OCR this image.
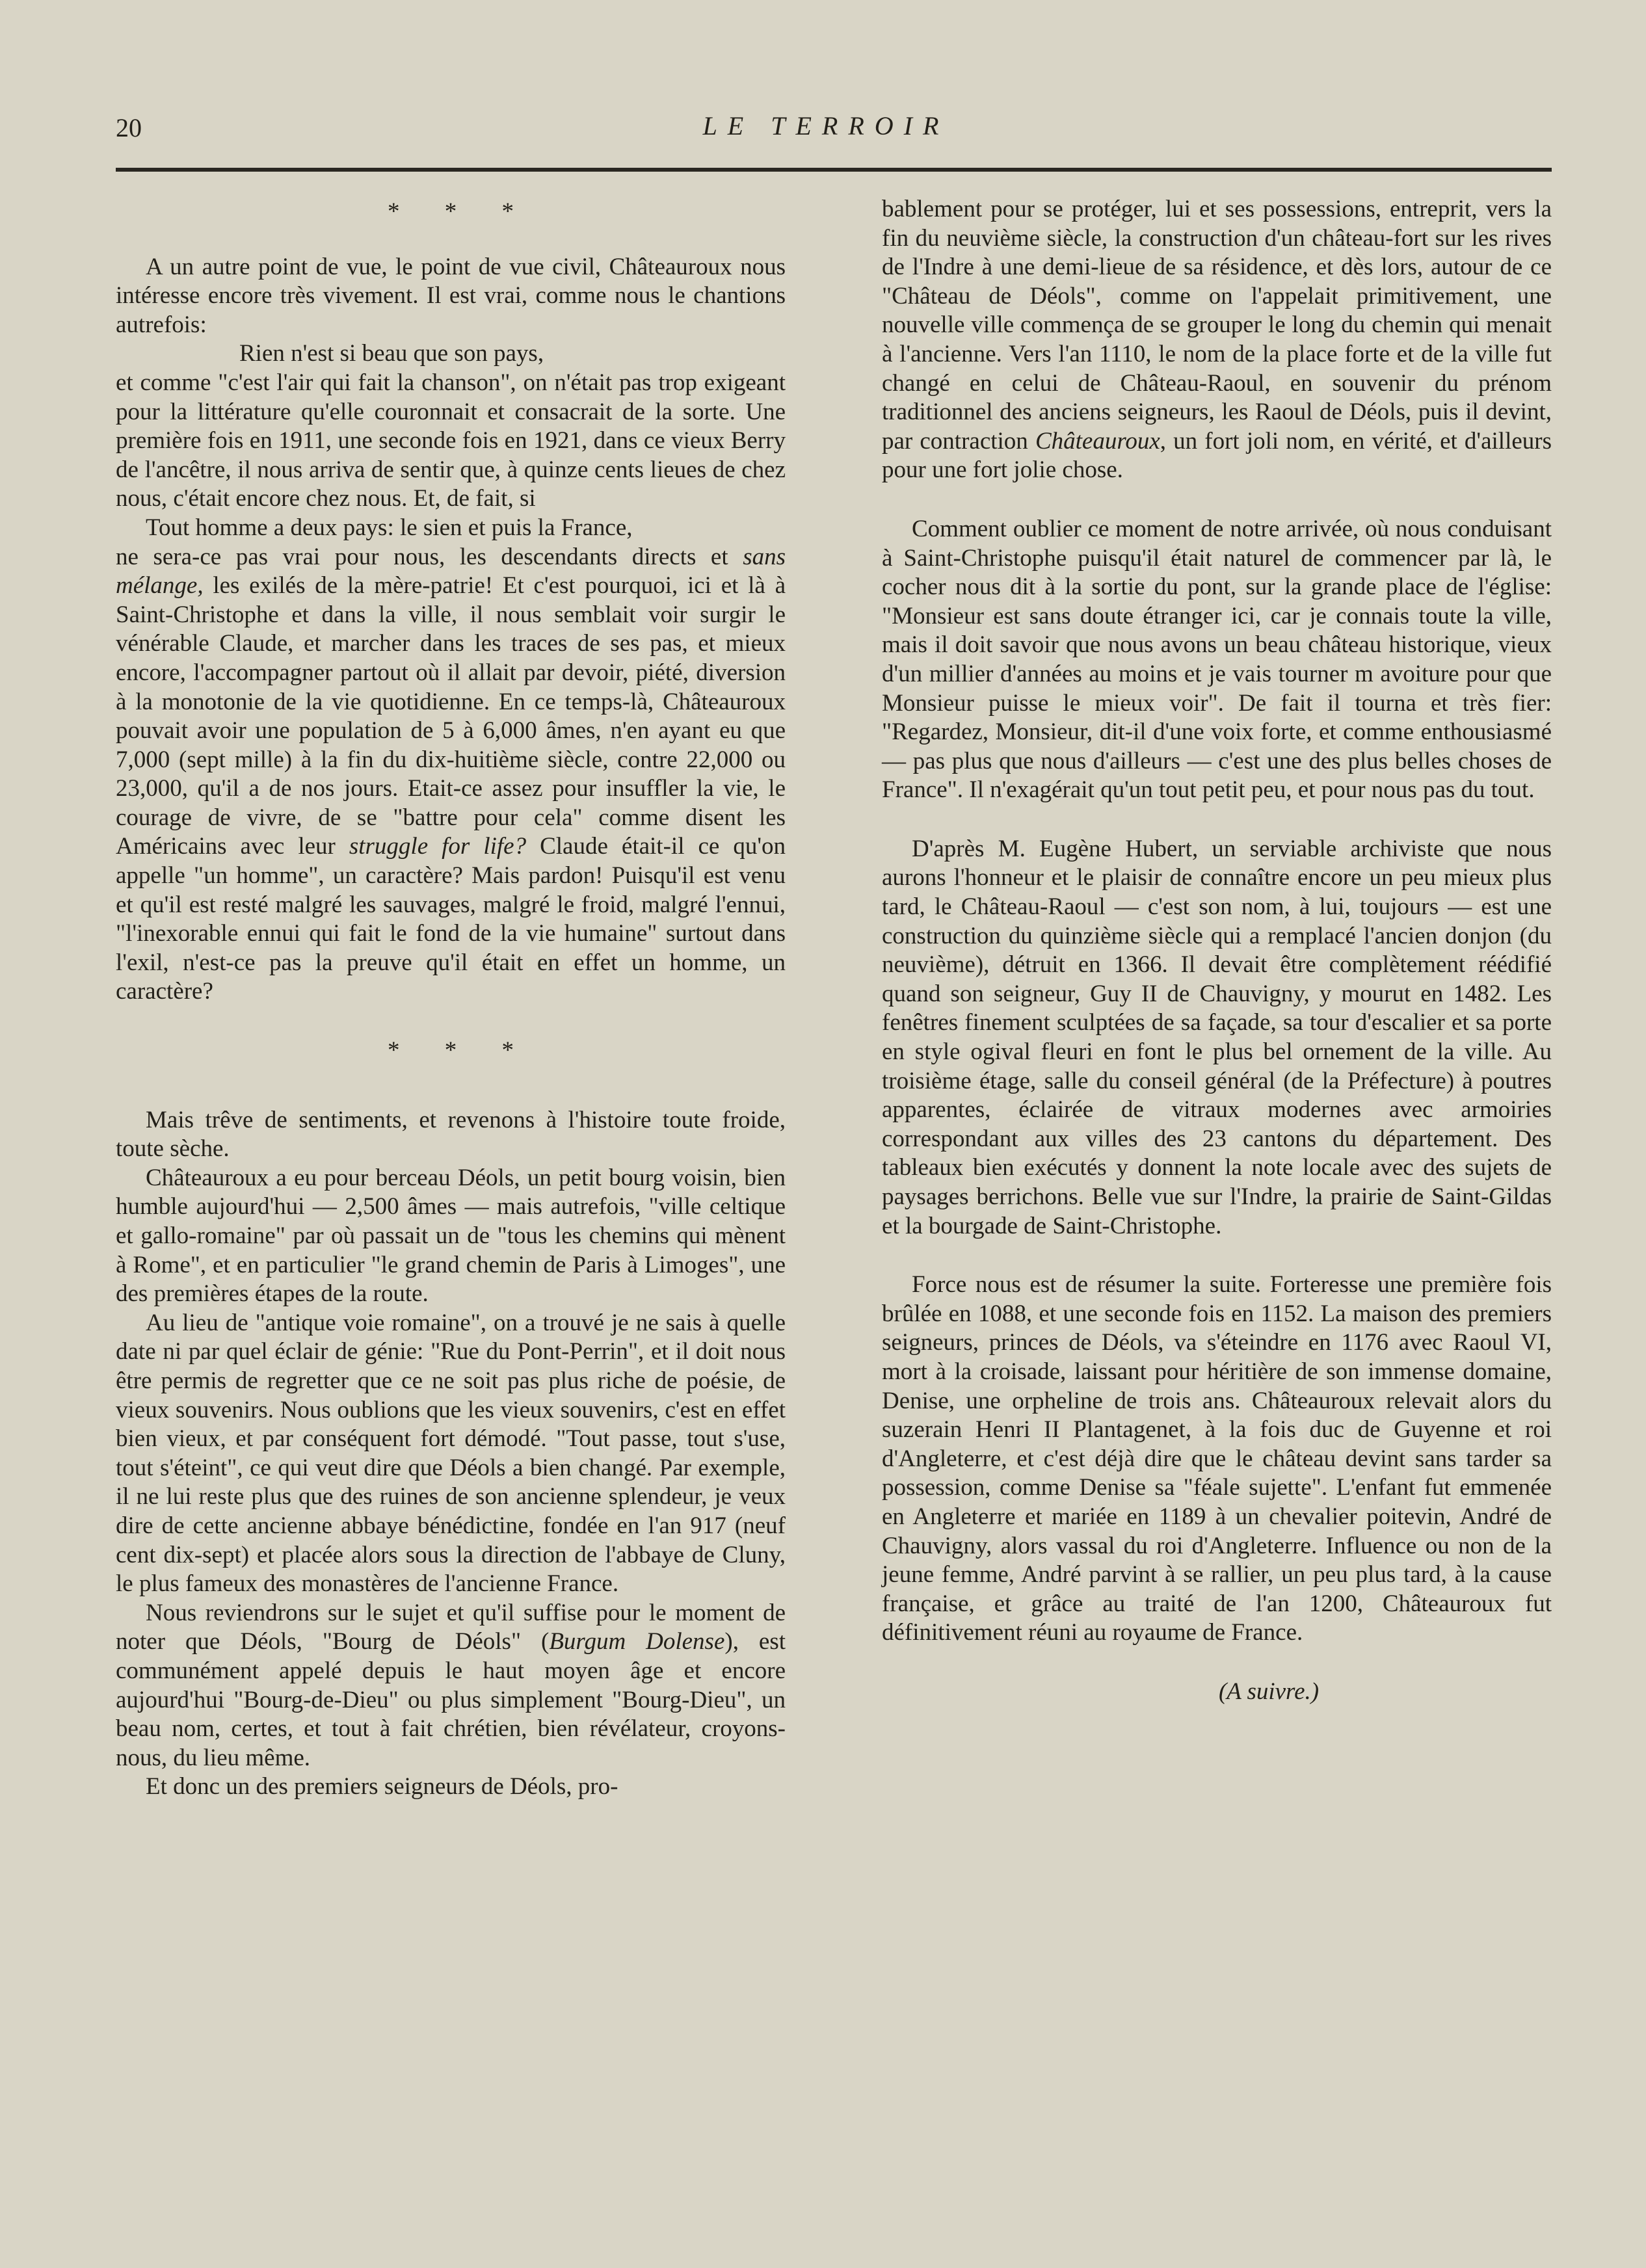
20	LE TERROIR
* * *

A un autre point de vue, le point de vue civil, Châteauroux nous intéresse encore très vivement. Il est vrai, comme nous le chantions autrefois:

Rien n'est si beau que son pays,

et comme "c'est l'air qui fait la chanson", on n'était pas trop exigeant pour la littérature qu'elle couronnait et consacrait de la sorte. Une première fois en 1911, une seconde fois en 1921, dans ce vieux Berry de l'ancêtre, il nous arriva de sentir que, à quinze cents lieues de chez nous, c'était encore chez nous. Et, de fait, si

Tout homme a deux pays: le sien et puis la France,

ne sera-ce pas vrai pour nous, les descendants directs et sans mélange, les exilés de la mère-patrie! Et c'est pourquoi, ici et là à Saint-Christophe et dans la ville, il nous semblait voir surgir le vénérable Claude, et marcher dans les traces de ses pas, et mieux encore, l'accompagner partout où il allait par devoir, piété, diversion à la monotonie de la vie quotidienne. En ce temps-là, Châteauroux pouvait avoir une population de 5 à 6,000 âmes, n'en ayant eu que 7,000 (sept mille) à la fin du dix-huitième siècle, contre 22,000 ou 23,000, qu'il a de nos jours. Etait-ce assez pour insuffler la vie, le courage de vivre, de se "battre pour cela" comme disent les Américains avec leur struggle for life? Claude était-il ce qu'on appelle "un homme", un caractère? Mais pardon! Puisqu'il est venu et qu'il est resté malgré les sauvages, malgré le froid, malgré l'ennui, "l'inexorable ennui qui fait le fond de la vie humaine" surtout dans l'exil, n'est-ce pas la preuve qu'il était en effet un homme, un caractère?

* * *

Mais trêve de sentiments, et revenons à l'histoire toute froide, toute sèche.

Châteauroux a eu pour berceau Déols, un petit bourg voisin, bien humble aujourd'hui — 2,500 âmes — mais autrefois, "ville celtique et gallo-romaine" par où passait un de "tous les chemins qui mènent à Rome", et en particulier "le grand chemin de Paris à Limoges", une des premières étapes de la route.

Au lieu de "antique voie romaine", on a trouvé je ne sais à quelle date ni par quel éclair de génie: "Rue du Pont-Perrin", et il doit nous être permis de regretter que ce ne soit pas plus riche de poésie, de vieux souvenirs. Nous oublions que les vieux souvenirs, c'est en effet bien vieux, et par conséquent fort démodé. "Tout passe, tout s'use, tout s'éteint", ce qui veut dire que Déols a bien changé. Par exemple, il ne lui reste plus que des ruines de son ancienne splendeur, je veux dire de cette ancienne abbaye bénédictine, fondée en l'an 917 (neuf cent dix-sept) et placée alors sous la direction de l'abbaye de Cluny, le plus fameux des monastères de l'ancienne France.

Nous reviendrons sur le sujet et qu'il suffise pour le moment de noter que Déols, "Bourg de Déols" (Burgum Dolense), est communément appelé depuis le haut moyen âge et encore aujourd'hui "Bourg-de-Dieu" ou plus simplement "Bourg-Dieu", un beau nom, certes, et tout à fait chrétien, bien révélateur, croyons-nous, du lieu même.

Et donc un des premiers seigneurs de Déols, pro-

bablement pour se protéger, lui et ses possessions, entreprit, vers la fin du neuvième siècle, la construction d'un château-fort sur les rives de l'Indre à une demi-lieue de sa résidence, et dès lors, autour de ce "Château de Déols", comme on l'appelait primitivement, une nouvelle ville commença de se grouper le long du chemin qui menait à l'ancienne. Vers l'an 1110, le nom de la place forte et de la ville fut changé en celui de Château-Raoul, en souvenir du prénom traditionnel des anciens seigneurs, les Raoul de Déols, puis il devint, par contraction Châteauroux, un fort joli nom, en vérité, et d'ailleurs pour une fort jolie chose.

Comment oublier ce moment de notre arrivée, où nous conduisant à Saint-Christophe puisqu'il était naturel de commencer par là, le cocher nous dit à la sortie du pont, sur la grande place de l'église: "Monsieur est sans doute étranger ici, car je connais toute la ville, mais il doit savoir que nous avons un beau château historique, vieux d'un millier d'années au moins et je vais tourner m avoiture pour que Monsieur puisse le mieux voir". De fait il tourna et très fier: "Regardez, Monsieur, dit-il d'une voix forte, et comme enthousiasmé — pas plus que nous d'ailleurs — c'est une des plus belles choses de France". Il n'exagérait qu'un tout petit peu, et pour nous pas du tout.

D'après M. Eugène Hubert, un serviable archiviste que nous aurons l'honneur et le plaisir de connaître encore un peu mieux plus tard, le Château-Raoul — c'est son nom, à lui, toujours — est une construction du quinzième siècle qui a remplacé l'ancien donjon (du neuvième), détruit en 1366. Il devait être complètement réédifié quand son seigneur, Guy II de Chauvigny, y mourut en 1482. Les fenêtres finement sculptées de sa façade, sa tour d'escalier et sa porte en style ogival fleuri en font le plus bel ornement de la ville. Au troisième étage, salle du conseil général (de la Préfecture) à poutres apparentes, éclairée de vitraux modernes avec armoiries correspondant aux villes des 23 cantons du département. Des tableaux bien exécutés y donnent la note locale avec des sujets de paysages berrichons. Belle vue sur l'Indre, la prairie de Saint-Gildas et la bourgade de Saint-Christophe.

Force nous est de résumer la suite. Forteresse une première fois brûlée en 1088, et une seconde fois en 1152. La maison des premiers seigneurs, princes de Déols, va s'éteindre en 1176 avec Raoul VI, mort à la croisade, laissant pour héritière de son immense domaine, Denise, une orpheline de trois ans. Châteauroux relevait alors du suzerain Henri II Plantagenet, à la fois duc de Guyenne et roi d'Angleterre, et c'est déjà dire que le château devint sans tarder sa possession, comme Denise sa "féale sujette". L'enfant fut emmenée en Angleterre et mariée en 1189 à un chevalier poitevin, André de Chauvigny, alors vassal du roi d'Angleterre. Influence ou non de la jeune femme, André parvint à se rallier, un peu plus tard, à la cause française, et grâce au traité de l'an 1200, Châteauroux fut définitivement réuni au royaume de France.

(A suivre.)
